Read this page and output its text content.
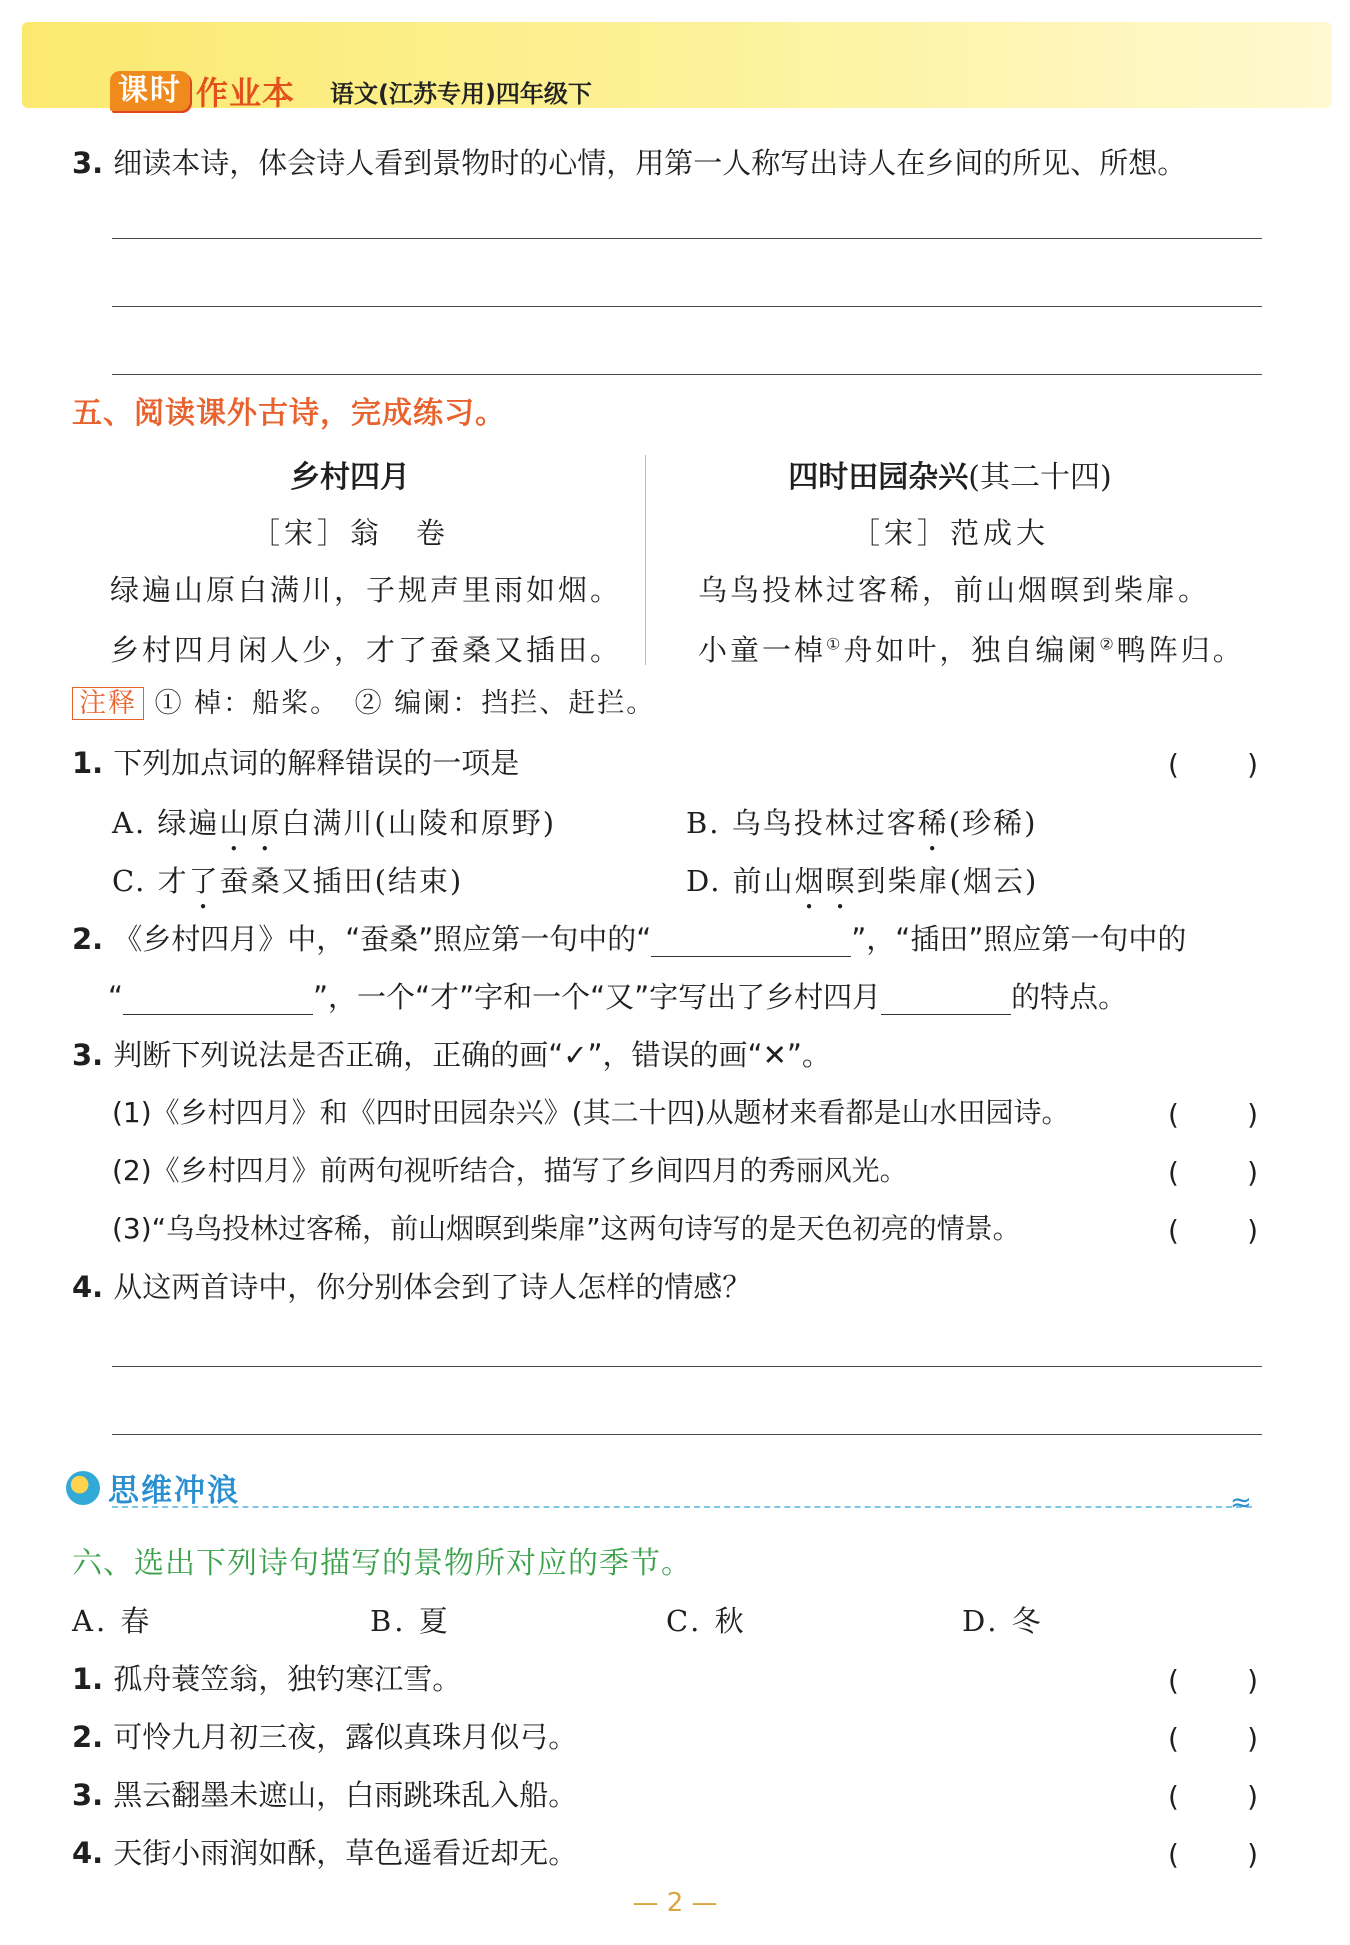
课时 作业本 语文(江苏专用)四年级下
3. 细读本诗，体会诗人看到景物时的心情，用第一人称写出诗人在乡间的所见、所想。
五、阅读课外古诗，完成练习。
乡村四月
［宋］翁　卷
绿遍山原白满川，子规声里雨如烟。
乡村四月闲人少，才了蚕桑又插田。
四时田园杂兴(其二十四)
［宋］范成大
乌鸟投林过客稀，前山烟暝到柴扉。
小童一棹①舟如叶，独自编阑②鸭阵归。
注释 ① 棹：船桨。　② 编阑：挡拦、赶拦。
1. 下列加点词的解释错误的一项是	( )
A. 绿遍山原白满川(山陵和原野)	B. 乌鸟投林过客稀(珍稀)
C. 才了蚕桑又插田(结束)	D. 前山烟暝到柴扉(烟云)
2. 《乡村四月》中，“蚕桑”照应第一句中的“	”，“插田”照应第一句中的
“	”，一个“才”字和一个“又”字写出了乡村四月	的特点。
3. 判断下列说法是否正确，正确的画“✓”，错误的画“✕”。
(1)《乡村四月》和《四时田园杂兴》(其二十四)从题材来看都是山水田园诗。	( )
(2)《乡村四月》前两句视听结合，描写了乡间四月的秀丽风光。	( )
(3)“乌鸟投林过客稀，前山烟暝到柴扉”这两句诗写的是天色初亮的情景。	( )
4. 从这两首诗中，你分别体会到了诗人怎样的情感？
思维冲浪	≈
六、选出下列诗句描写的景物所对应的季节。
A. 春	B. 夏	C. 秋	D. 冬
1. 孤舟蓑笠翁，独钓寒江雪。	( )
2. 可怜九月初三夜，露似真珠月似弓。	( )
3. 黑云翻墨未遮山，白雨跳珠乱入船。	( )
4. 天街小雨润如酥，草色遥看近却无。	( )
— 2 —
